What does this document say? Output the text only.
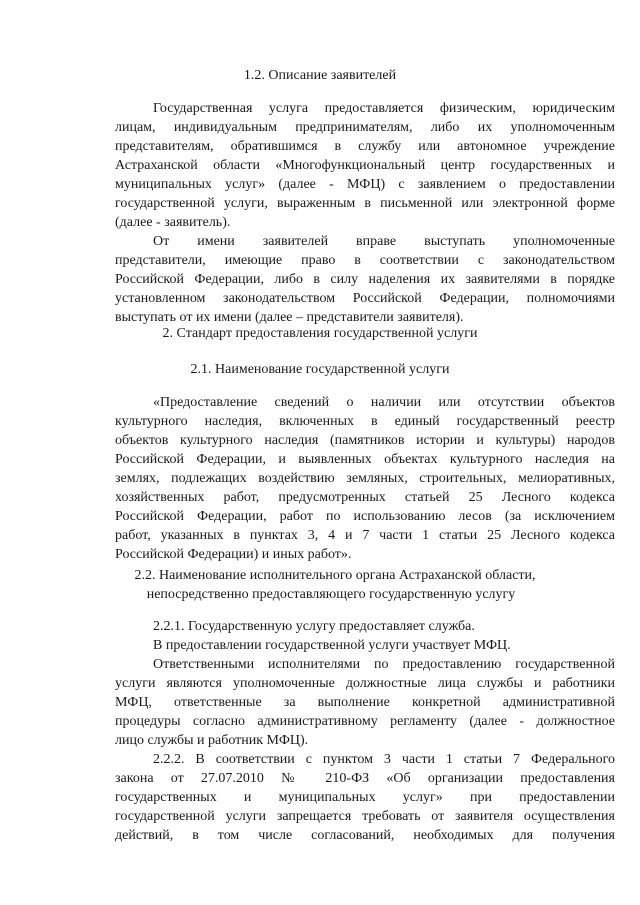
1.2. Описание заявителей
Государственная услуга предоставляется физическим, юридическим
лицам, индивидуальным предпринимателям, либо их уполномоченным
представителям, обратившимся в службу или автономное учреждение
Астраханской области «Многофункциональный центр государственных и
муниципальных услуг» (далее - МФЦ) с заявлением о предоставлении
государственной услуги, выраженным в письменной или электронной форме
(далее - заявитель).
От имени заявителей вправе выступать уполномоченные
представители, имеющие право в соответствии с законодательством
Российской Федерации, либо в силу наделения их заявителями в порядке
установленном законодательством Российской Федерации, полномочиями
выступать от их имени (далее – представители заявителя).
2. Стандарт предоставления государственной услуги
2.1. Наименование государственной услуги
«Предоставление сведений о наличии или отсутствии объектов
культурного наследия, включенных в единый государственный реестр
объектов культурного наследия (памятников истории и культуры) народов
Российской Федерации, и выявленных объектах культурного наследия на
землях, подлежащих воздействию земляных, строительных, мелиоративных,
хозяйственных работ, предусмотренных статьей 25 Лесного кодекса
Российской Федерации, работ по использованию лесов (за исключением
работ, указанных в пунктах 3, 4 и 7 части 1 статьи 25 Лесного кодекса
Российской Федерации) и иных работ».
2.2. Наименование исполнительного органа Астраханской области,
непосредственно предоставляющего государственную услугу
2.2.1. Государственную услугу предоставляет служба.
В предоставлении государственной услуги участвует МФЦ.
Ответственными исполнителями по предоставлению государственной
услуги являются уполномоченные должностные лица службы и работники
МФЦ, ответственные за выполнение конкретной административной
процедуры согласно административному регламенту (далее - должностное
лицо службы и работник МФЦ).
2.2.2. В соответствии с пунктом 3 части 1 статьи 7 Федерального
закона от 27.07.2010 № 210-ФЗ «Об организации предоставления
государственных и муниципальных услуг» при предоставлении
государственной услуги запрещается требовать от заявителя осуществления
действий, в том числе согласований, необходимых для получения
